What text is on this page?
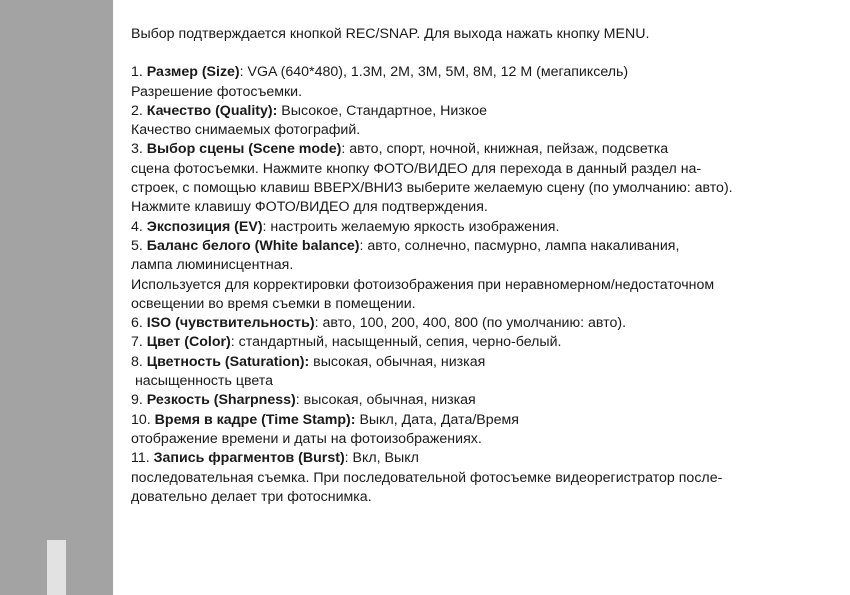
Выбор подтверждается кнопкой REC/SNAP. Для выхода нажать кнопку MENU.
1. Размер (Size): VGA (640*480), 1.3M, 2M, 3M, 5M, 8M, 12 M (мегапиксель)
Разрешение фотосъемки.
2. Качество (Quality): Высокое, Стандартное, Низкое
Качество снимаемых фотографий.
3. Выбор сцены (Scene mode): авто, спорт, ночной, книжная, пейзаж, подсветка
сцена фотосъемки. Нажмите кнопку ФОТО/ВИДЕО для перехода в данный раздел на-
строек, с помощью клавиш ВВЕРХ/ВНИЗ выберите желаемую сцену (по умолчанию: авто).
Нажмите клавишу ФОТО/ВИДЕО для подтверждения.
4. Экспозиция (EV): настроить желаемую яркость изображения.
5. Баланс белого (White balance): авто, солнечно, пасмурно, лампа накаливания,
лампа люминисцентная.
Используется для корректировки фотоизображения при неравномерном/недостаточном
освещении во время съемки в помещении.
6. ISO (чувствительность): авто, 100, 200, 400, 800 (по умолчанию: авто).
7. Цвет (Color): стандартный, насыщенный, сепия, черно-белый.
8. Цветность (Saturation): высокая, обычная, низкая
насыщенность цвета
9. Резкость (Sharpness): высокая, обычная, низкая
10. Время в кадре (Time Stamp): Выкл, Дата, Дата/Время
отображение времени и даты на фотоизображениях.
11. Запись фрагментов (Burst): Вкл, Выкл
последовательная съемка. При последовательной фотосъемке видеорегистратор после-
довательно делает три фотоснимка.
